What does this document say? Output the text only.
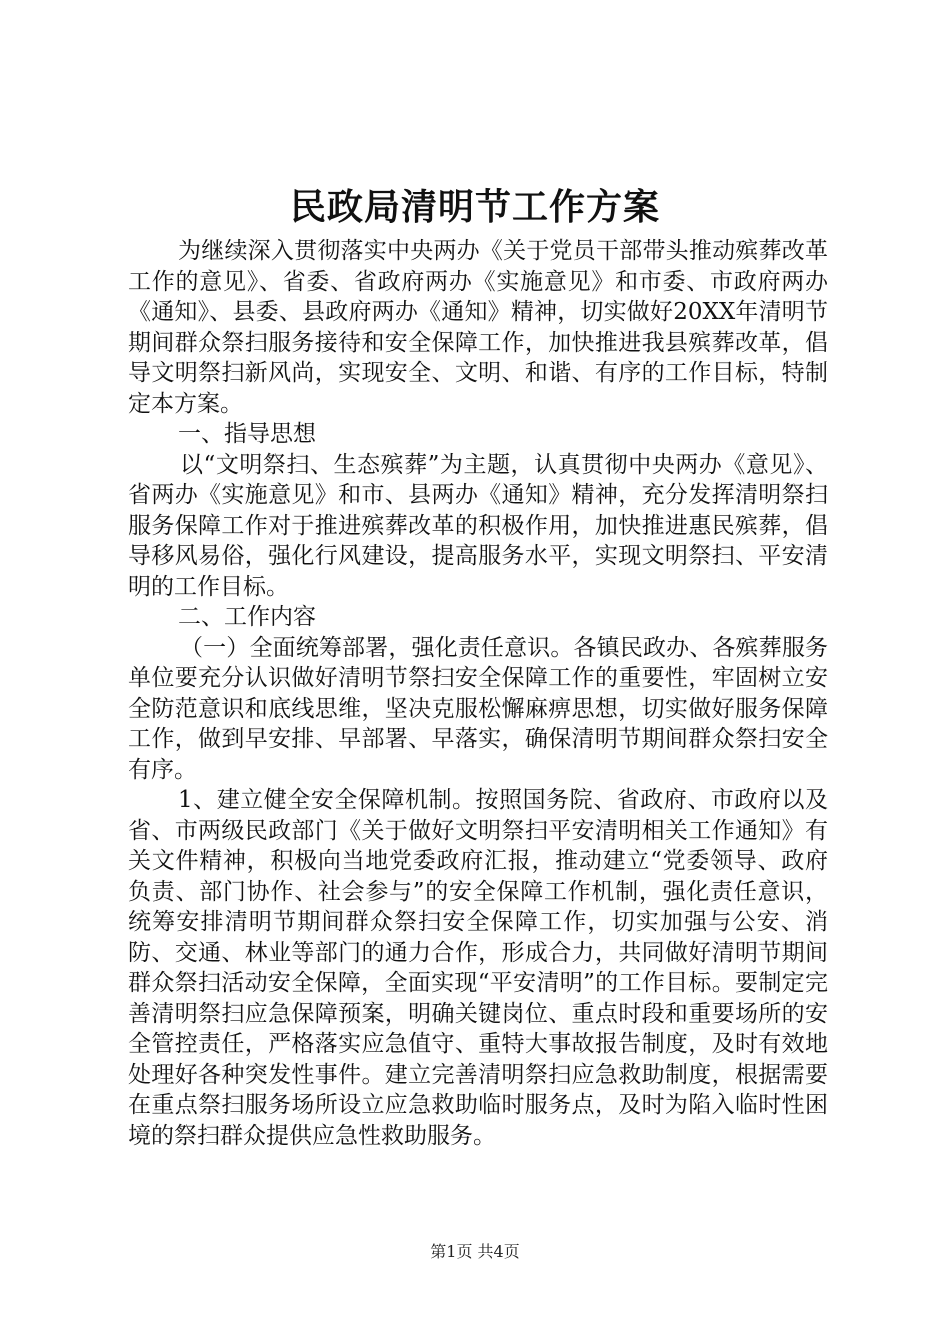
民政局清明节工作方案

为继续深入贯彻落实中央两办《关于党员干部带头推动殡葬改革工作的意见》、省委、省政府两办《实施意见》和市委、市政府两办《通知》、县委、县政府两办《通知》精神，切实做好20XX年清明节期间群众祭扫服务接待和安全保障工作，加快推进我县殡葬改革，倡导文明祭扫新风尚，实现安全、文明、和谐、有序的工作目标，特制定本方案。

一、指导思想

以“文明祭扫、生态殡葬”为主题，认真贯彻中央两办《意见》、省两办《实施意见》和市、县两办《通知》精神，充分发挥清明祭扫服务保障工作对于推进殡葬改革的积极作用，加快推进惠民殡葬，倡导移风易俗，强化行风建设，提高服务水平，实现文明祭扫、平安清明的工作目标。

二、工作内容

（一）全面统筹部署，强化责任意识。各镇民政办、各殡葬服务单位要充分认识做好清明节祭扫安全保障工作的重要性，牢固树立安全防范意识和底线思维，坚决克服松懈麻痹思想，切实做好服务保障工作，做到早安排、早部署、早落实，确保清明节期间群众祭扫安全有序。

1、建立健全安全保障机制。按照国务院、省政府、市政府以及省、市两级民政部门《关于做好文明祭扫平安清明相关工作通知》有关文件精神，积极向当地党委政府汇报，推动建立“党委领导、政府负责、部门协作、社会参与”的安全保障工作机制，强化责任意识，统筹安排清明节期间群众祭扫安全保障工作，切实加强与公安、消防、交通、林业等部门的通力合作，形成合力，共同做好清明节期间群众祭扫活动安全保障，全面实现“平安清明”的工作目标。要制定完善清明祭扫应急保障预案，明确关键岗位、重点时段和重要场所的安全管控责任，严格落实应急值守、重特大事故报告制度，及时有效地处理好各种突发性事件。建立完善清明祭扫应急救助制度，根据需要在重点祭扫服务场所设立应急救助临时服务点，及时为陷入临时性困境的祭扫群众提供应急性救助服务。

第1页 共4页
